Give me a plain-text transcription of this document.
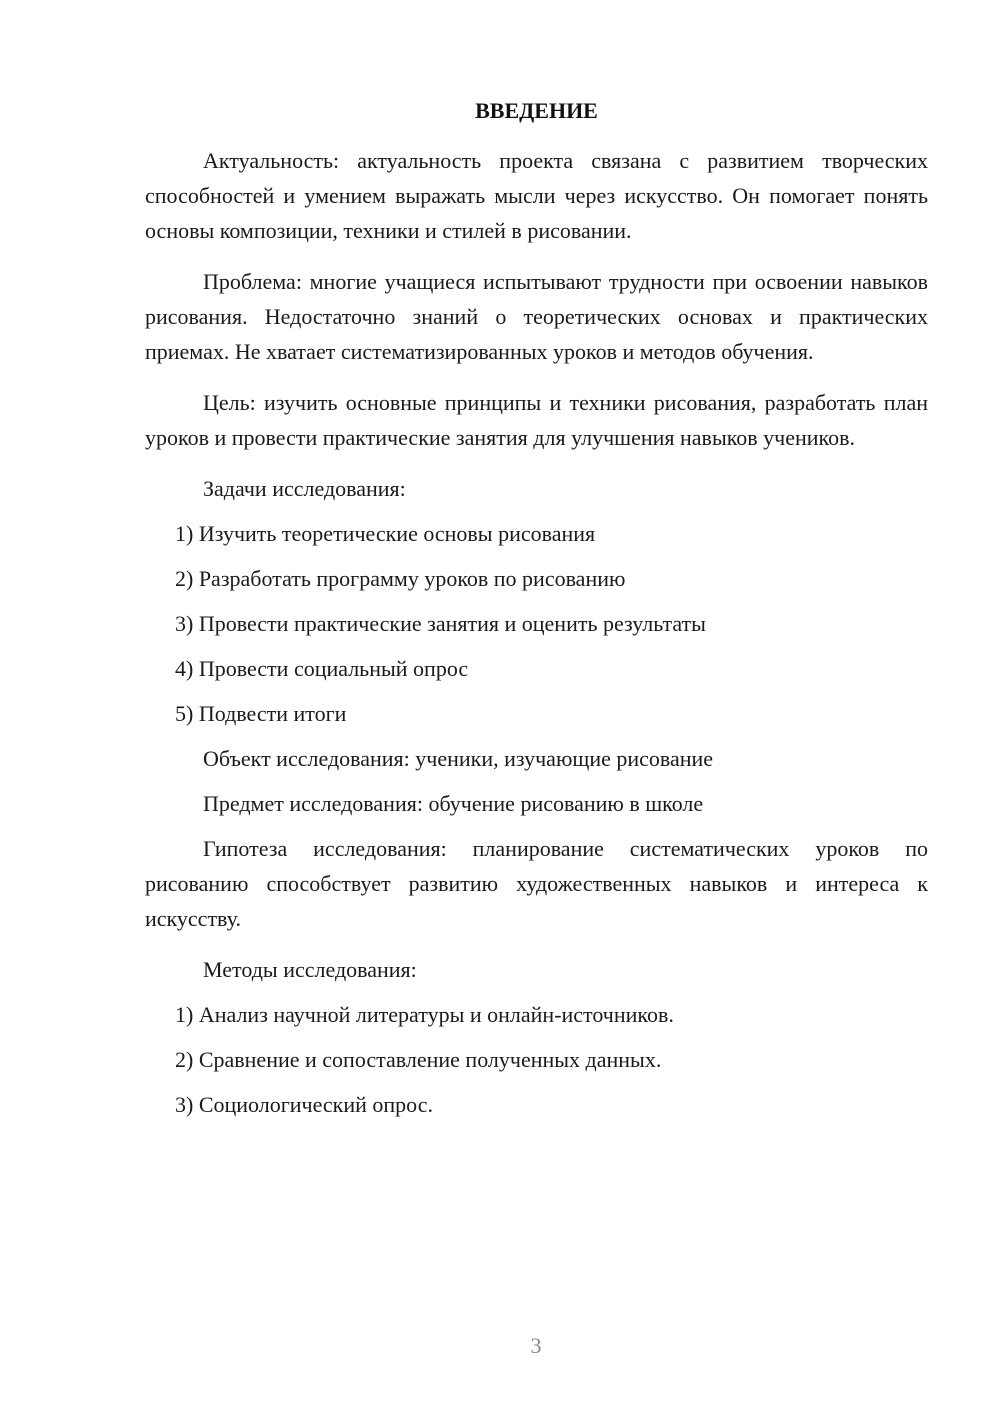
ВВЕДЕНИЕ

Актуальность: актуальность проекта связана с развитием творческих способностей и умением выражать мысли через искусство. Он помогает понять основы композиции, техники и стилей в рисовании.

Проблема: многие учащиеся испытывают трудности при освоении навыков рисования. Недостаточно знаний о теоретических основах и практических приемах. Не хватает систематизированных уроков и методов обучения.

Цель: изучить основные принципы и техники рисования, разработать план уроков и провести практические занятия для улучшения навыков учеников.

Задачи исследования:

1) Изучить теоретические основы рисования

2) Разработать программу уроков по рисованию

3) Провести практические занятия и оценить результаты

4) Провести социальный опрос

5) Подвести итоги

Объект исследования: ученики, изучающие рисование

Предмет исследования: обучение рисованию в школе

Гипотеза исследования: планирование систематических уроков по рисованию способствует развитию художественных навыков и интереса к искусству.

Методы исследования:

1) Анализ научной литературы и онлайн-источников.

2) Сравнение и сопоставление полученных данных.

3) Социологический опрос.

3
